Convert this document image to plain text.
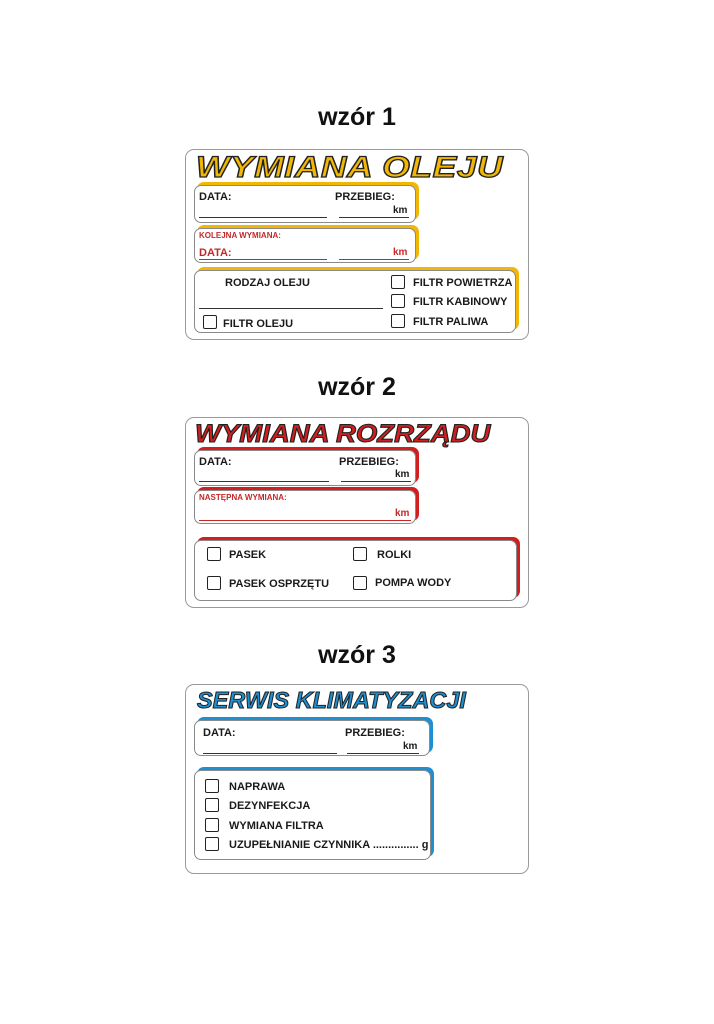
wzór 1
WYMIANA OLEJU
DATA:	PRZEBIEG:
km
KOLEJNA WYMIANA:
DATA:	km
RODZAJ OLEJU
FILTR OLEJU
FILTR POWIETRZA
FILTR KABINOWY
FILTR PALIWA
wzór 2
WYMIANA ROZRZĄDU
DATA:	PRZEBIEG:
km
NASTĘPNA WYMIANA:
km
PASEK	ROLKI
PASEK OSPRZĘTU	POMPA WODY
wzór 3
SERWIS KLIMATYZACJI
DATA:	PRZEBIEG:
km
NAPRAWA
DEZYNFEKCJA
WYMIANA FILTRA
UZUPEŁNIANIE CZYNNIKA ............... g
